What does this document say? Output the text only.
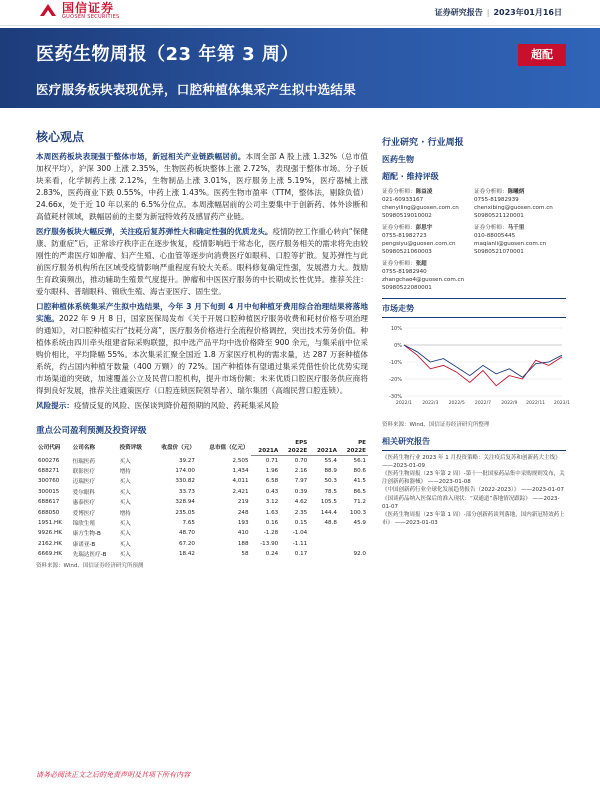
国信证券
GUOSEN SECURITIES	证券研究报告 | 2023年01月16日
医药生物周报（23 年第 3 周）
医疗服务板块表现优异，口腔种植体集采产生拟中选结果
超配
核心观点

本周医药板块表现强于整体市场，新冠相关产业链跌幅居前。本周全部 A 股上涨 1.32%（总市值加权平均），沪深 300 上涨 2.35%，生物医药板块整体上涨 2.72%，表现强于整体市场。分子版块来看，化学制药上涨 2.12%，生物制品上涨 3.01%，医疗服务上涨 5.19%，医疗器械上涨 2.83%，医药商业下跌 0.55%，中药上涨 1.43%。医药生物市盈率（TTM，整体法，剔除负值）24.66x，处于近 10 年以来的 6.5%分位点。本周涨幅居前的公司主要集中于创新药、体外诊断和高值耗材领域，跌幅居前的主要为新冠特效药及感冒药产业链。

医疗服务板块大幅反弹，关注疫后复苏弹性大和确定性强的优质龙头。疫情防控工作重心转向“保健康、防重症”后，正常诊疗秩序正在逐步恢复，疫情影响趋于常态化，医疗服务相关的需求将先由较刚性的严肃医疗如肿瘤、妇产生殖、心血管等逐步向消费医疗如眼科、口腔等扩散。复苏弹性与此前医疗服务机构所在区域受疫情影响严重程度有较大关系。眼科修复确定性强，发展潜力大。鼓励生育政策频出，推动辅助生殖景气度提升。肿瘤和中医医疗服务的中长期成长性优异。推荐关注：爱尔眼科、普瑞眼科、锦欣生殖、海吉亚医疗、固生堂。

口腔种植体系统集采产生拟中选结果，今年 3 月下旬到 4 月中旬种植牙费用综合治理结果将落地实施。2022 年 9 月 8 日，国家医保局发布《关于开展口腔种植医疗服务收费和耗材价格专项治理的通知》，对口腔种植实行“技耗分离”，医疗服务价格进行全流程价格调控，突出技术劳务价值。种植体系统由四川牵头组建省际采购联盟，拟中选产品平均中选价格降至 900 余元，与集采前中位采购价相比，平均降幅 55%。本次集采汇聚全国近 1.8 万家医疗机构的需求量，达 287 万套种植体系统，约占国内种植牙数量（400 万颗）的 72%。国产种植体有望通过集采凭借性价比优势实现市场渠道的突破，加速覆盖公立及民营口腔机构，提升市场份额；未来优质口腔医疗服务供应商将得到良好发展，推荐关注通策医疗（口腔连锁医院领导者）、瑞尔集团（高端民营口腔连锁）。

风险提示：疫情反复的风险、医保谈判降价超预期的风险、药耗集采风险

重点公司盈利预测及投资评级
公司代码	公司名称	投资评级	收盘价（元）	总市值（亿元）	EPS		PE	
					2021A	2022E	2021A	2022E
600276	恒瑞医药	买入	39.27	2,505	0.71	0.70	55.4	56.1
688271	联影医疗	增持	174.00	1,434	1.96	2.16	88.9	80.6
300760	迈瑞医疗	买入	330.82	4,011	6.58	7.97	50.3	41.5
300015	爱尔眼科	买入	33.73	2,421	0.43	0.39	78.5	86.5
688617	惠泰医疗	买入	328.94	219	3.12	4.62	105.5	71.2
688050	爱博医疗	增持	235.05	248	1.63	2.35	144.4	100.3
1951.HK	锦欣生殖	买入	7.65	193	0.16	0.15	48.8	45.9
9926.HK	康方生物-B	买入	48.70	410	-1.28	-1.04		
2162.HK	康诺亚-B	买入	67.20	188	-13.90	-1.11		
6669.HK	先瑞达医疗-B	买入	18.42	58	0.24	0.17		92.0
资料来源：Wind、国信证券经济研究所预测
行业研究 · 行业周报
医药生物
超配 · 维持评级
证券分析师：陈益凌
021-60933167
chenyiling@guosen.com.cn
S0980519010002
证券分析师：陈曦炳
0755-81982939
chenxibing@guosen.com.cn
S0980521120001
证券分析师：彭思宇
0755-81982723
pengsiyu@guosen.com.cn
S0980521060003
证券分析师：马千里
010-88005445
maqianli@guosen.com.cn
S0980521070001
证券分析师：张超
0755-81982940
zhangchao4@guosen.com.cn
S0980522080001
市场走势
10%
0%
-10%
-20%
-30%
2022/1 2022/3 2022/5 2022/7 2022/9 2022/11 2023/1
资料来源：Wind、国信证券经济研究所整理
相关研究报告
《医药生物行业 2023 年 1 月投资策略：关注疫后复苏和创新药大主线》 ——2023-01-09
《医药生物周报（23 年第 2 周）-第十一批国家药品集中采购规则发布，关注创新药和器械》 ——2023-01-08
《中国创新药行业全球化发展趋势报告（2022-2023）》 ——2023-01-07
《国谈药品纳入医保后的准入现状：“双通道”落地情况跟踪》 ——2023-01-07
《医药生物周报（23 年第 1 周）-部分创新药谈判落地，国内新冠特效药上市》 ——2023-01-03
请务必阅读正文之后的免责声明及其项下所有内容
